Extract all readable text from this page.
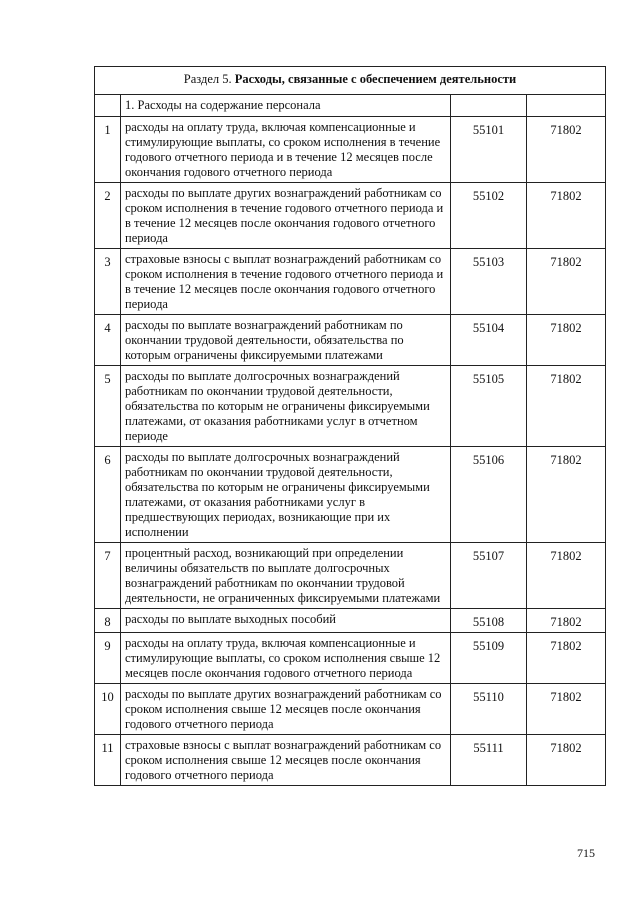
Раздел 5. Расходы, связанные с обеспечением деятельности			
	1. Расходы на содержание персонала		
1	расходы на оплату труда, включая компенсационные и стимулирующие выплаты, со сроком исполнения в течение годового отчетного периода и в течение 12 месяцев после окончания годового отчетного периода	55101	71802
2	расходы по выплате других вознаграждений работникам со сроком исполнения в течение годового отчетного периода и в течение 12 месяцев после окончания годового отчетного периода	55102	71802
3	страховые взносы с выплат вознаграждений работникам со сроком исполнения в течение годового отчетного периода и в течение 12 месяцев после окончания годового отчетного периода	55103	71802
4	расходы по выплате вознаграждений работникам по окончании трудовой деятельности, обязательства по которым ограничены фиксируемыми платежами	55104	71802
5	расходы по выплате долгосрочных вознаграждений работникам по окончании трудовой деятельности, обязательства по которым не ограничены фиксируемыми платежами, от оказания работниками услуг в отчетном периоде	55105	71802
6	расходы по выплате долгосрочных вознаграждений работникам по окончании трудовой деятельности, обязательства по которым не ограничены фиксируемыми платежами, от оказания работниками услуг в предшествующих периодах, возникающие при их исполнении	55106	71802
7	процентный расход, возникающий при определении величины обязательств по выплате долгосрочных вознаграждений работникам по окончании трудовой деятельности, не ограниченных фиксируемыми платежами	55107	71802
8	расходы по выплате выходных пособий	55108	71802
9	расходы на оплату труда, включая компенсационные и стимулирующие выплаты, со сроком исполнения свыше 12 месяцев после окончания годового отчетного периода	55109	71802
10	расходы по выплате других вознаграждений работникам со сроком исполнения свыше 12 месяцев после окончания годового отчетного периода	55110	71802
11	страховые взносы с выплат вознаграждений работникам со сроком исполнения свыше 12 месяцев после окончания годового отчетного периода	55111	71802
715
